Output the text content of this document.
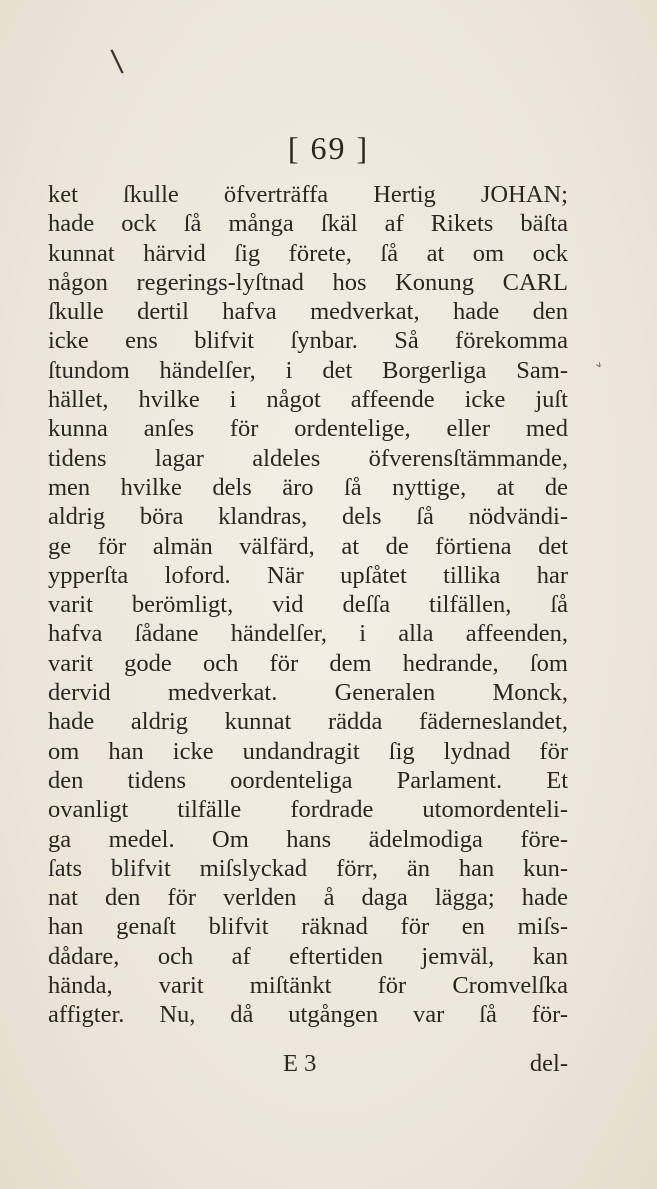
\
˅
[ 69 ]
ket ſkulle öfverträffa Hertig JOHAN;
hade ock ſå många ſkäl af Rikets bäſta
kunnat härvid ſig förete, ſå at om ock
någon regerings-lyſtnad hos Konung CARL
ſkulle dertil hafva medverkat, hade den
icke ens blifvit ſynbar. Så förekomma
ſtundom händelſer, i det Borgerliga Sam-
hället, hvilke i något affeende icke juſt
kunna anſes för ordentelige, eller med
tidens lagar aldeles öfverensſtämmande,
men hvilke dels äro ſå nyttige, at de
aldrig böra klandras, dels ſå nödvändi-
ge för almän välfärd, at de förtiena det
ypperſta loford. När upſåtet tillika har
varit berömligt, vid deſſa tilfällen, ſå
hafva ſådane händelſer, i alla affeenden,
varit gode och för dem hedrande, ſom
dervid medverkat. Generalen Monck,
hade aldrig kunnat rädda fäderneslandet,
om han icke undandragit ſig lydnad för
den tidens oordenteliga Parlament. Et
ovanligt tilfälle fordrade utomordenteli-
ga medel. Om hans ädelmodiga före-
ſats blifvit miſslyckad förr, än han kun-
nat den för verlden å daga lägga; hade
han genaſt blifvit räknad för en miſs-
dådare, och af eftertiden jemväl, kan
hända, varit miſtänkt för Cromvelſka
affigter. Nu, då utgången var ſå för-
E 3	del-
